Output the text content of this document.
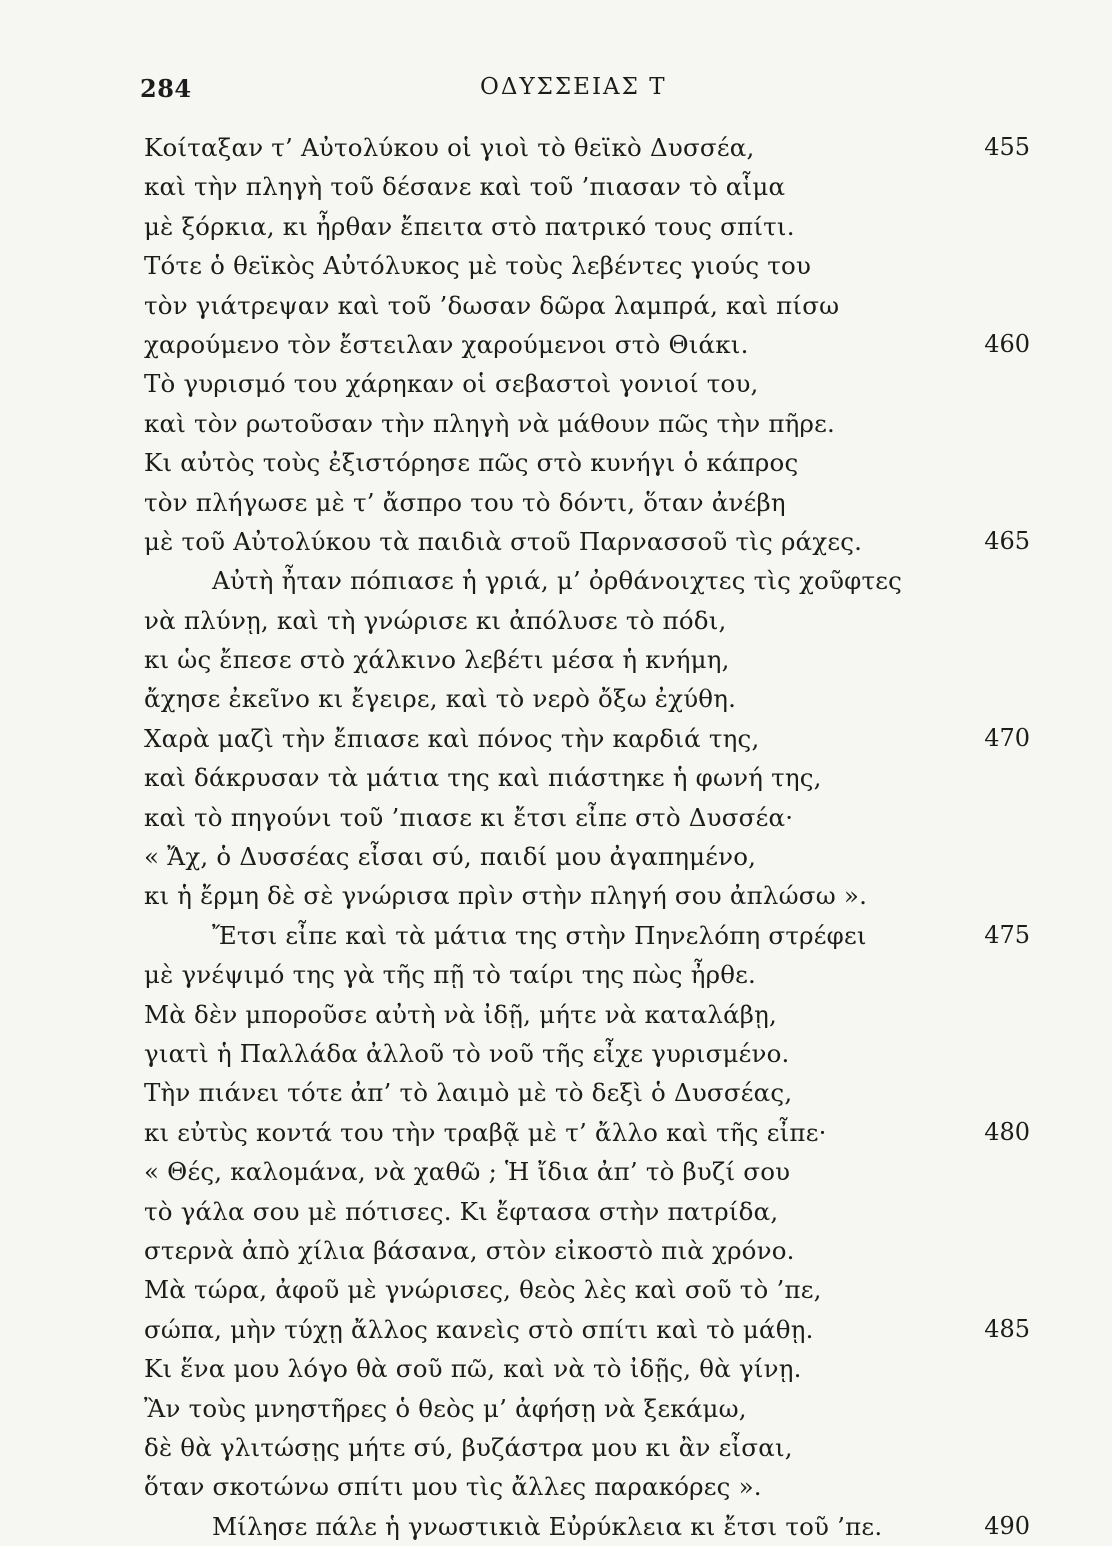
284	ΟΔΥΣΣΕΙΑΣ Τ
Κοίταξαν τ’ Αὐτολύκου οἱ γιοὶ τὸ θεϊκὸ Δυσσέα,	455
καὶ τὴν πληγὴ τοῦ δέσανε καὶ τοῦ ’πιασαν τὸ αἷμα
μὲ ξόρκια, κι ἦρθαν ἔπειτα στὸ πατρικό τους σπίτι.
Τότε ὁ θεϊκὸς Αὐτόλυκος μὲ τοὺς λεβέντες γιούς του
τὸν γιάτρεψαν καὶ τοῦ ’δωσαν δῶρα λαμπρά, καὶ πίσω
χαρούμενο τὸν ἔστειλαν χαρούμενοι στὸ Θιάκι.	460
Τὸ γυρισμό του χάρηκαν οἱ σεβαστοὶ γονιοί του,
καὶ τὸν ρωτοῦσαν τὴν πληγὴ νὰ μάθουν πῶς τὴν πῆρε.
Κι αὐτὸς τοὺς ἐξιστόρησε πῶς στὸ κυνήγι ὁ κάπρος
τὸν πλήγωσε μὲ τ’ ἄσπρο του τὸ δόντι, ὅταν ἀνέβη
μὲ τοῦ Αὐτολύκου τὰ παιδιὰ στοῦ Παρνασσοῦ τὶς ράχες.	465
Αὐτὴ ἦταν πόπιασε ἡ γριά, μ’ ὀρθάνοιχτες τὶς χοῦφτες
νὰ πλύνῃ, καὶ τὴ γνώρισε κι ἀπόλυσε τὸ πόδι,
κι ὡς ἔπεσε στὸ χάλκινο λεβέτι μέσα ἡ κνήμη,
ἄχησε ἐκεῖνο κι ἔγειρε, καὶ τὸ νερὸ ὄξω ἐχύθη.
Χαρὰ μαζὶ τὴν ἔπιασε καὶ πόνος τὴν καρδιά της,	470
καὶ δάκρυσαν τὰ μάτια της καὶ πιάστηκε ἡ φωνή της,
καὶ τὸ πηγούνι τοῦ ’πιασε κι ἔτσι εἶπε στὸ Δυσσέα·
« Ἄχ, ὁ Δυσσέας εἶσαι σύ, παιδί μου ἀγαπημένο,
κι ἡ ἔρμη δὲ σὲ γνώρισα πρὶν στὴν πληγή σου ἀπλώσω ».
Ἔτσι εἶπε καὶ τὰ μάτια της στὴν Πηνελόπη στρέφει	475
μὲ γνέψιμό της γὰ τῆς πῇ τὸ ταίρι της πὼς ἦρθε.
Μὰ δὲν μποροῦσε αὐτὴ νὰ ἰδῇ, μήτε νὰ καταλάβῃ,
γιατὶ ἡ Παλλάδα ἀλλοῦ τὸ νοῦ τῆς εἶχε γυρισμένο.
Τὴν πιάνει τότε ἀπ’ τὸ λαιμὸ μὲ τὸ δεξὶ ὁ Δυσσέας,
κι εὐτὺς κοντά του τὴν τραβᾷ μὲ τ’ ἄλλο καὶ τῆς εἶπε·	480
« Θές, καλομάνα, νὰ χαθῶ ; Ἡ ἴδια ἀπ’ τὸ βυζί σου
τὸ γάλα σου μὲ πότισες. Κι ἔφτασα στὴν πατρίδα,
στερνὰ ἀπὸ χίλια βάσανα, στὸν εἰκοστὸ πιὰ χρόνο.
Μὰ τώρα, ἀφοῦ μὲ γνώρισες, θεὸς λὲς καὶ σοῦ τὸ ’πε,
σώπα, μὴν τύχῃ ἄλλος κανεὶς στὸ σπίτι καὶ τὸ μάθῃ.	485
Κι ἕνα μου λόγο θὰ σοῦ πῶ, καὶ νὰ τὸ ἰδῇς, θὰ γίνῃ.
Ἂν τοὺς μνηστῆρες ὁ θεὸς μ’ ἀφήσῃ νὰ ξεκάμω,
δὲ θὰ γλιτώσῃς μήτε σύ, βυζάστρα μου κι ἂν εἶσαι,
ὅταν σκοτώνω σπίτι μου τὶς ἄλλες παρακόρες ».
Μίλησε πάλε ἡ γνωστικιὰ Εὐρύκλεια κι ἔτσι τοῦ ’πε.	490
